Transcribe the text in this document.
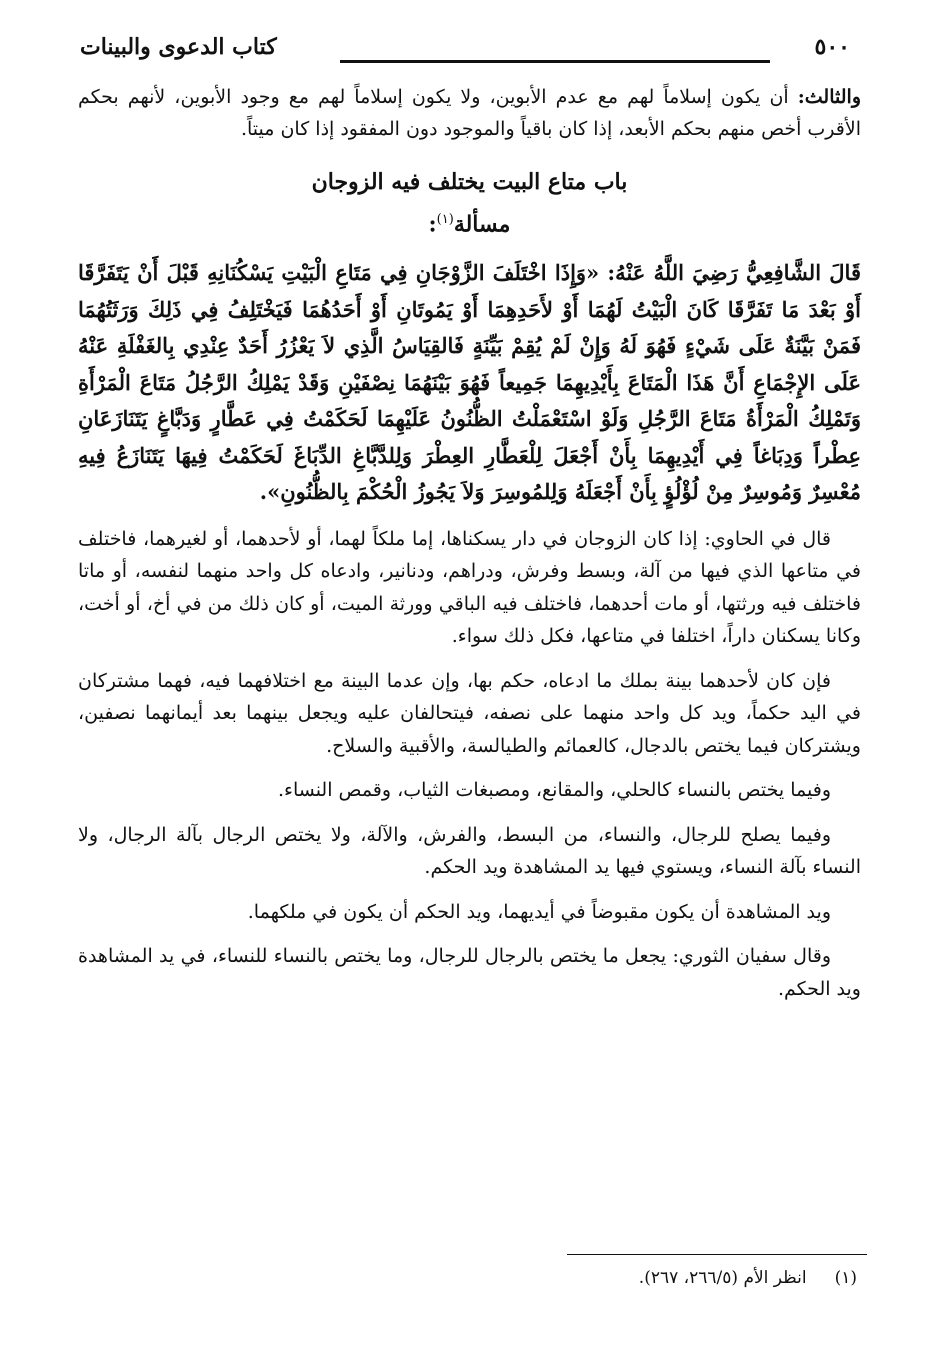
٥٠٠
كتاب الدعوى والبينات

والثالث: أن يكون إسلاماً لهم مع عدم الأبوين، ولا يكون إسلاماً لهم مع وجود الأبوين، لأنهم بحكم الأقرب أخص منهم بحكم الأبعد، إذا كان باقياً والموجود دون المفقود إذا كان ميتاً.

باب متاع البيت يختلف فيه الزوجان
مسألة$^{(١)}$:

قَالَ الشَّافِعِيُّ رَضِيَ اللَّهُ عَنْهُ: «وَإِذَا اخْتَلَفَ الزَّوْجَانِ فِي مَتَاعِ الْبَيْتِ يَسْكُنَانِهِ قَبْلَ أَنْ يَتَفَرَّقَا أَوْ بَعْدَ مَا تَفَرَّقَا كَانَ الْبَيْتُ لَهُمَا أَوْ لأَحَدِهِمَا أَوْ يَمُوتَانِ أَوْ أَحَدُهُمَا فَيَخْتَلِفُ فِي ذَلِكَ وَرَثَتُهُمَا فَمَنْ بَيَّنَةٌ عَلَى شَيْءٍ فَهُوَ لَهُ وَإِنْ لَمْ يُقِمْ بَيِّنَةٍ فَالقِيَاسُ الَّذِي لاَ يَعْزُرُ أَحَدٌ عِنْدِي بِالغَفْلَةِ عَنْهُ عَلَى الإِجْمَاعِ أَنَّ هَذَا الْمَتَاعَ بِأَيْدِيهِمَا جَمِيعاً فَهُوَ بَيْنَهُمَا نِصْفَيْنِ وَقَدْ يَمْلِكُ الرَّجُلُ مَتَاعَ الْمَرْأَةِ وَتَمْلِكُ الْمَرْأَةُ مَتَاعَ الرَّجُلِ وَلَوْ اسْتَعْمَلْتُ الظُّنُونُ عَلَيْهِمَا لَحَكَمْتُ فِي عَطَّارٍ وَدَبَّاغٍ يَتَنَازَعَانِ عِطْراً وَدِبَاغاً فِي أَيْدِيهِمَا بِأَنْ أَجْعَلَ لِلْعَطَّارِ العِطْرَ وَلِلدَّبَّاغِ الدِّبَاغَ لَحَكَمْتُ فِيهَا يَتَنَازَعُ فِيهِ مُعْسِرٌ وَمُوسِرٌ مِنْ لُؤْلُؤٍ بِأَنْ أَجْعَلَهُ وَلِلمُوسِرَ وَلاَ يَجُوزُ الْحُكْمَ بِالظُّنُونِ».

قال في الحاوي: إذا كان الزوجان في دار يسكناها، إما ملكاً لهما، أو لأحدهما، أو لغيرهما، فاختلف في متاعها الذي فيها من آلة، وبسط وفرش، ودراهم، ودنانير، وادعاه كل واحد منهما لنفسه، أو ماتا فاختلف فيه ورثتها، أو مات أحدهما، فاختلف فيه الباقي وورثة الميت، أو كان ذلك من في أخ، أو أخت، وكانا يسكنان داراً، اختلفا في متاعها، فكل ذلك سواء.

فإن كان لأحدهما بينة بملك ما ادعاه، حكم بها، وإن عدما البينة مع اختلافهما فيه، فهما مشتركان في اليد حكماً، ويد كل واحد منهما على نصفه، فيتحالفان عليه ويجعل بينهما بعد أيمانهما نصفين، ويشتركان فيما يختص بالدجال، كالعمائم والطيالسة، والأقبية والسلاح.

وفيما يختص بالنساء كالحلي، والمقانع، ومصبغات الثياب، وقمص النساء.

وفيما يصلح للرجال، والنساء، من البسط، والفرش، والآلة، ولا يختص الرجال بآلة الرجال، ولا النساء بآلة النساء، ويستوي فيها يد المشاهدة ويد الحكم.

ويد المشاهدة أن يكون مقبوضاً في أيديهما، ويد الحكم أن يكون في ملكهما.

وقال سفيان الثوري: يجعل ما يختص بالرجال للرجال، وما يختص بالنساء للنساء، في يد المشاهدة ويد الحكم.

(١)انظر الأم (٢٦٦/٥، ٢٦٧).
